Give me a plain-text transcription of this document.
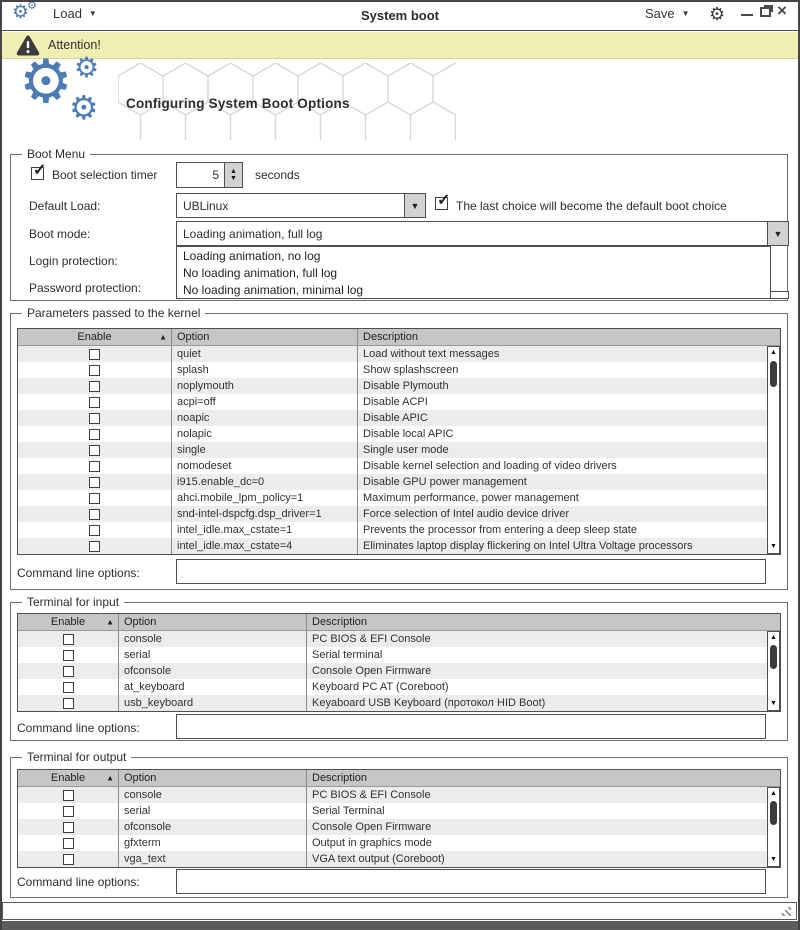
⚙
⚙ Load ▼	System boot	Save ▼ ⚙	×
Attention!
⚙ ⚙
⚙ Configuring System Boot Options
Boot Menu
✓
Boot selection timer	5	▲
▼	seconds
Default Load:	UBLinux	▼ ✓	The last choice will become the default boot choice
Boot mode:	Loading animation, full log	▼
Login protection:
Password protection:
Loading animation, no log
No loading animation, full log
No loading animation, minimal log
Parameters passed to the kernel
Enable	▲ Option	Description
quiet	Load without text messages
splash	Show splashscreen
noplymouth	Disable Plymouth
acpi=off	Disable ACPI
noapic	Disable APIC
nolapic	Disable local APIC
single	Single user mode
nomodeset	Disable kernel selection and loading of video drivers
i915.enable_dc=0	Disable GPU power management
ahci.mobile_lpm_policy=1	Maximum performance, power management
snd-intel-dspcfg.dsp_driver=1	Force selection of Intel audio device driver
intel_idle.max_cstate=1	Prevents the processor from entering a deep sleep state
intel_idle.max_cstate=4	Eliminates laptop display flickering on Intel Ultra Voltage processors
▲
▼
Command line options:
Terminal for input
Enable	▲ Option	Description
console	PC BIOS & EFI Console
serial	Serial terminal
ofconsole	Console Open Firmware
at_keyboard	Keyboard PC AT (Coreboot)
usb_keyboard	Keyaboard USB Keyboard (протокол HID Boot)
▲
▼
Command line options:
Terminal for output
Enable	▲ Option	Description
console	PC BIOS & EFI Console
serial	Serial Terminal
ofconsole	Console Open Firmware
gfxterm	Output in graphics mode
vga_text	VGA text output (Coreboot)
▲
▼
Command line options:
